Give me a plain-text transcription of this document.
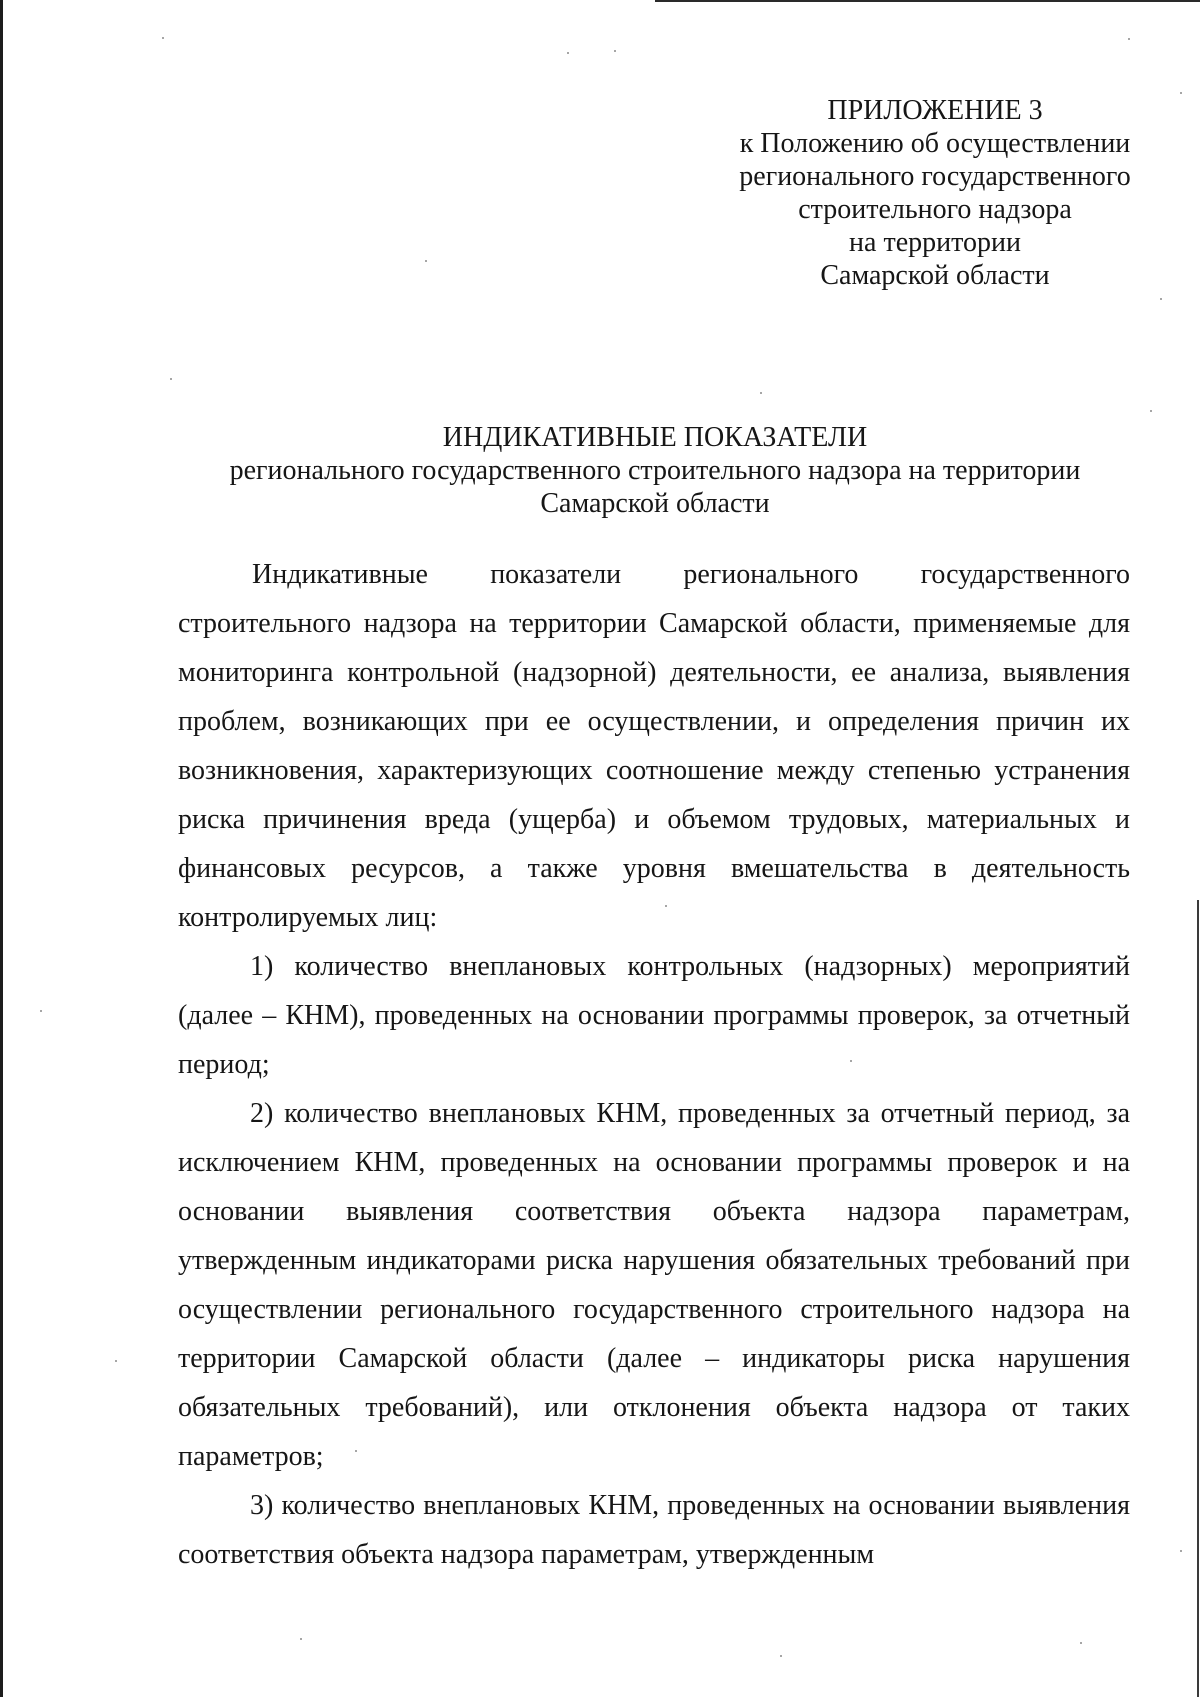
ПРИЛОЖЕНИЕ 3
к Положению об осуществлении
регионального государственного
строительного надзора
на территории
Самарской области
ИНДИКАТИВНЫЕ ПОКАЗАТЕЛИ
регионального государственного строительного надзора на территории
Самарской области

Индикативные показатели регионального государственного строительного надзора на территории Самарской области, применяемые для мониторинга контрольной (надзорной) деятельности, ее анализа, выявления проблем, возникающих при ее осуществлении, и определения причин их возникновения, характеризующих соотношение между степенью устранения риска причинения вреда (ущерба) и объемом трудовых, материальных и финансовых ресурсов, а также уровня вмешательства в деятельность контролируемых лиц:

1) количество внеплановых контрольных (надзорных) мероприятий (далее – КНМ), проведенных на основании программы проверок, за отчетный период;

2) количество внеплановых КНМ, проведенных за отчетный период, за исключением КНМ, проведенных на основании программы проверок и на основании выявления соответствия объекта надзора параметрам, утвержденным индикаторами риска нарушения обязательных требований при осуществлении регионального государственного строительного надзора на территории Самарской области (далее – индикаторы риска нарушения обязательных требований), или отклонения объекта надзора от таких параметров;

3) количество внеплановых КНМ, проведенных на основании выявления соответствия объекта надзора параметрам, утвержденным
